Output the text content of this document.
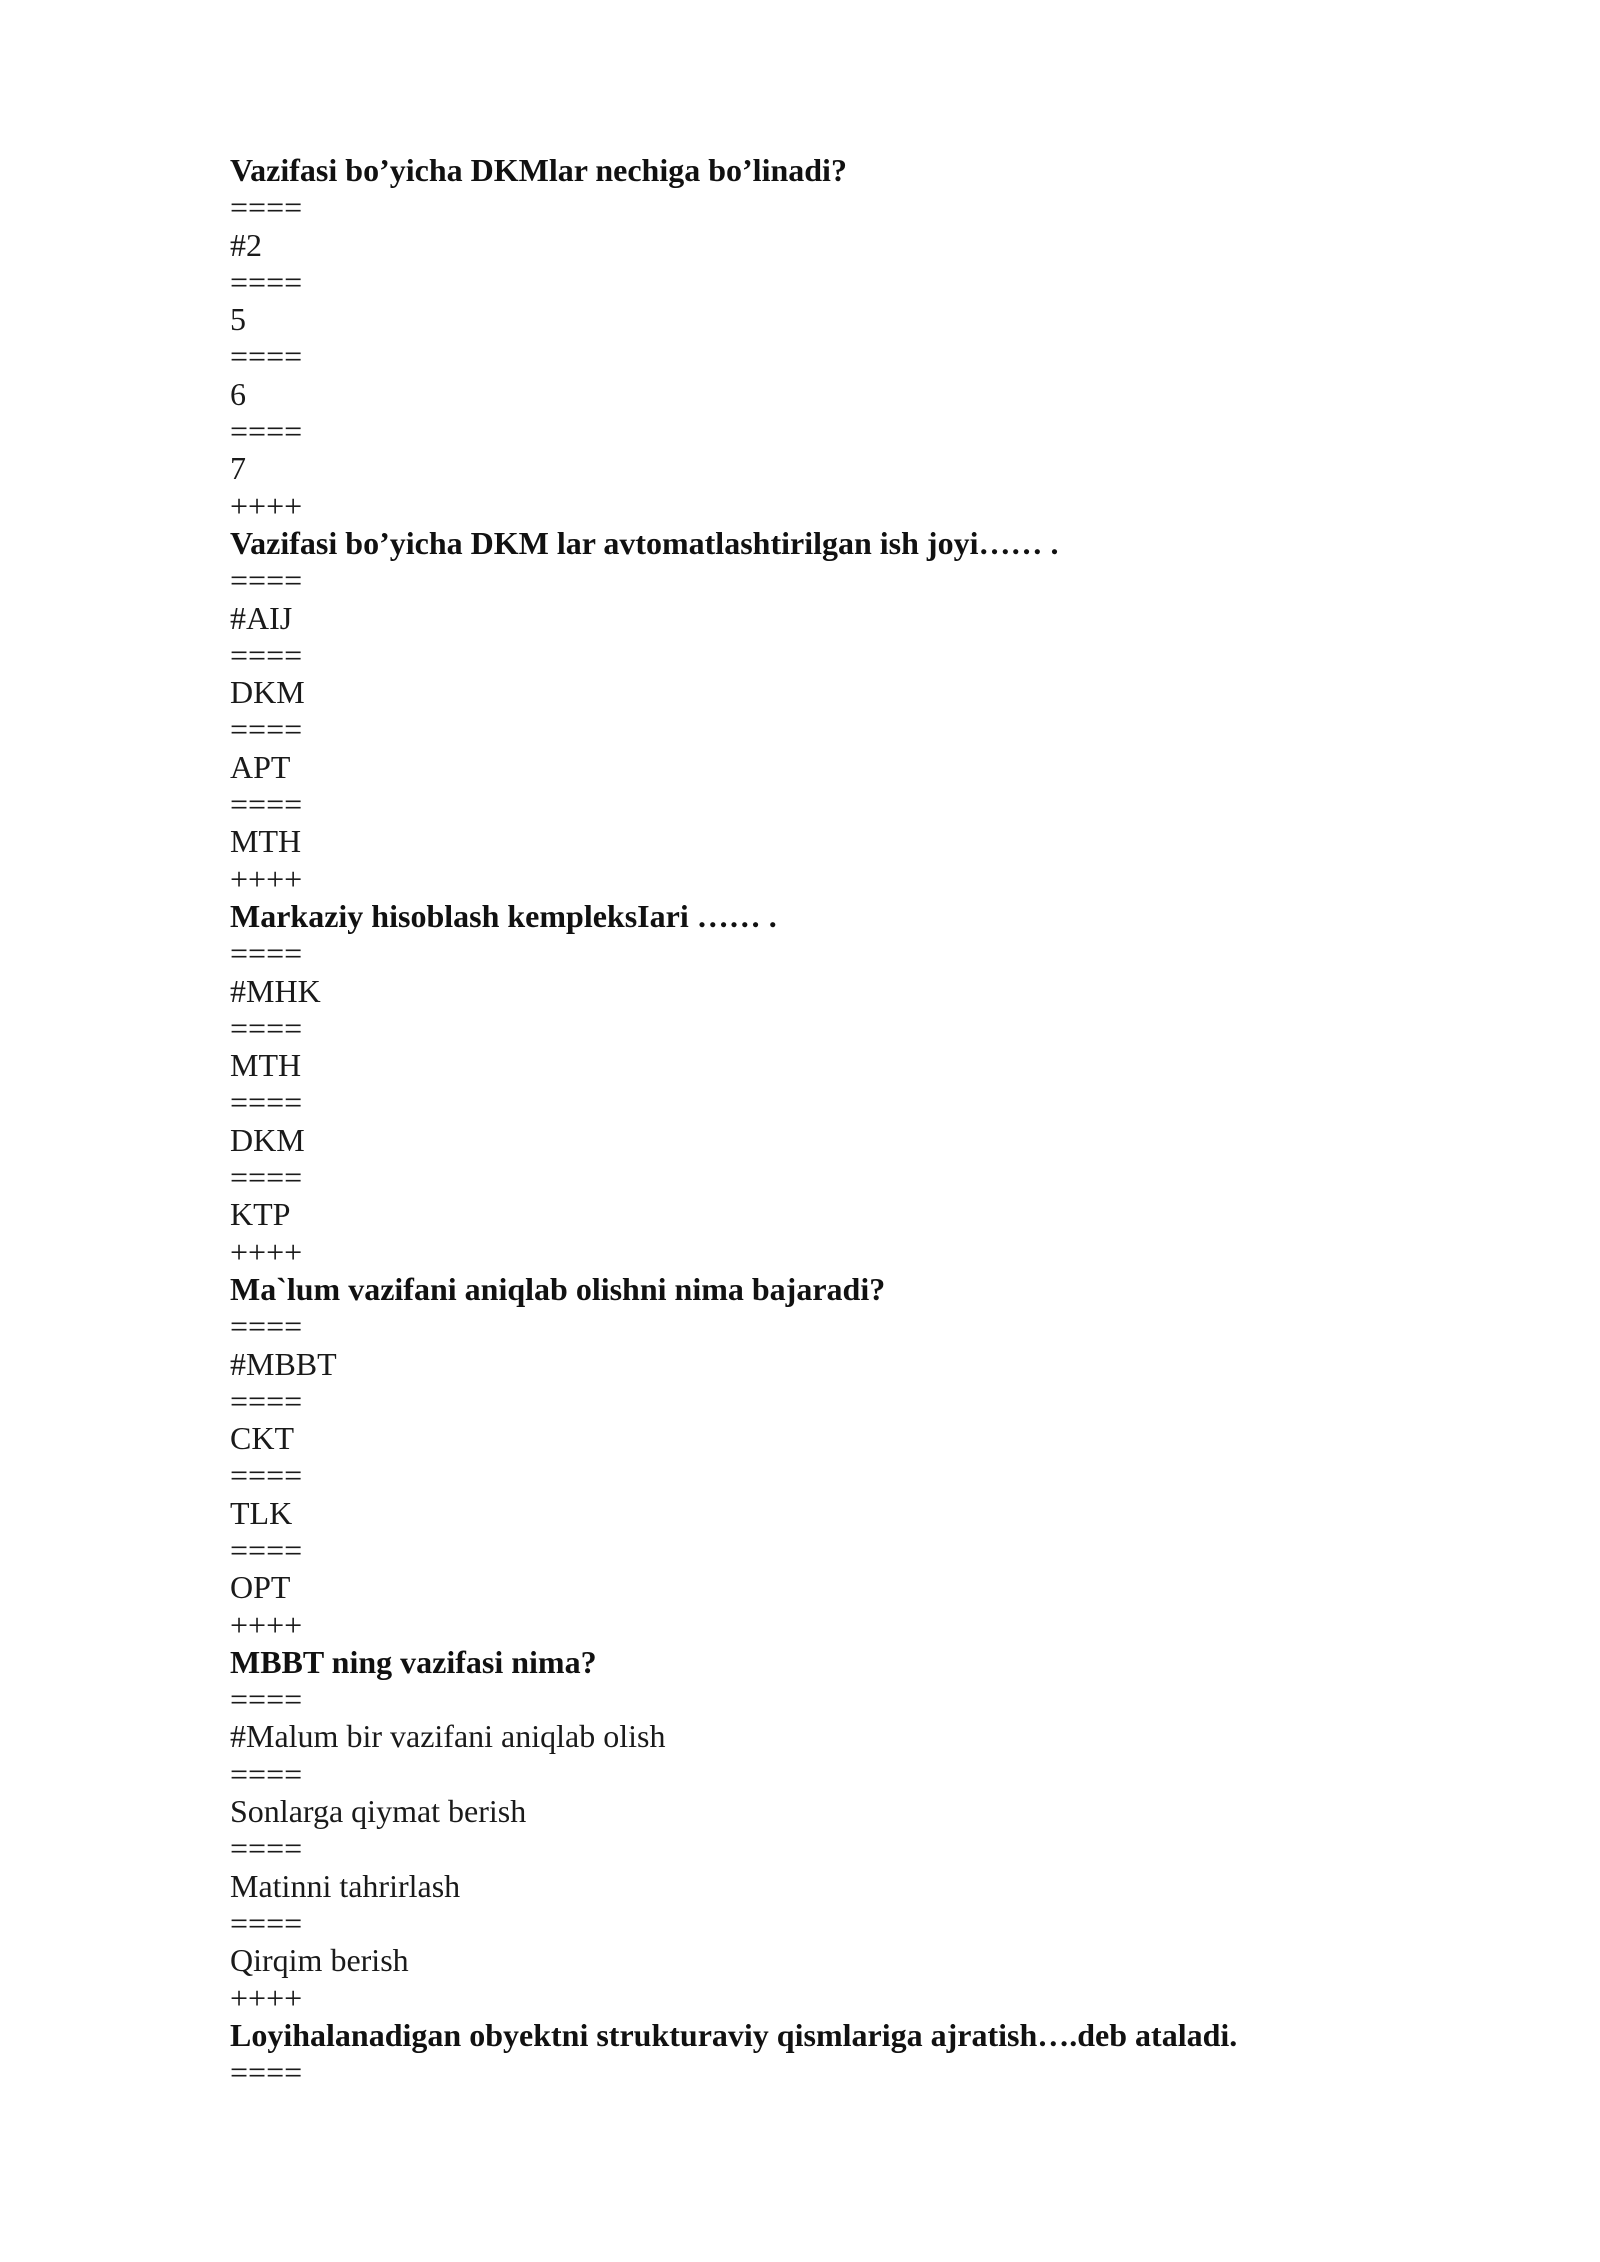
Vazifasi bo’yicha DKMlar nechiga bo’linadi?
====
#2
====
5
====
6
====
7
++++
Vazifasi bo’yicha DKM lar avtomatlashtirilgan ish joyi…… .
====
#AIJ
====
DKM
====
APT
====
MTH
++++
Markaziy hisoblash kempleksIari …… .
====
#MHK
====
MTH
====
DKM
====
KTP
++++
Ma`lum vazifani aniqlab olishni nima bajaradi?
====
#MBBT
====
CKT
====
TLK
====
OPT
++++
MBBT ning vazifasi nima?
====
#Malum bir vazifani aniqlab olish
====
Sonlarga qiymat berish
====
Matinni tahrirlash
====
Qirqim berish
++++
Loyihalanadigan obyektni strukturaviy qismlariga ajratish….deb ataladi.
====
